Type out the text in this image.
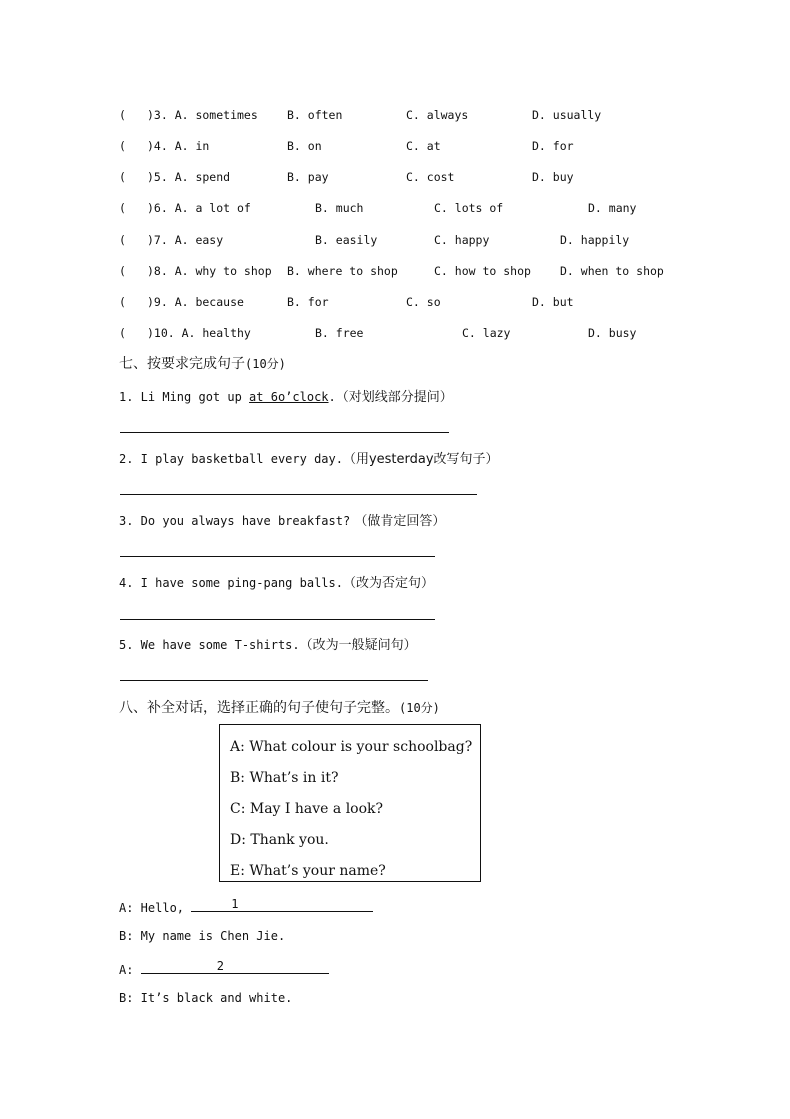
( )3. A. sometimes	B. often	C. always	D. usually
( )4. A. in	B. on	C. at	D. for
( )5. A. spend	B. pay	C. cost	D. buy
( )6. A. a lot of	B. much	C. lots of	D. many
( )7. A. easy	B. easily	C. happy	D. happily
( )8. A. why to shop B. where to shop	C. how to shop	D. when to shop
( )9. A. because	B. for	C. so	D. but
( )10. A. healthy	B. free	C. lazy	D. busy
七、按要求完成句子(10分)
1. Li Ming got up at 6o’clock.（对划线部分提问）
2. I play basketball every day.（用yesterday改写句子）
3. Do you always have breakfast? （做肯定回答）
4. I have some ping-pang balls.（改为否定句）
5. We have some T-shirts.（改为一般疑问句）
八、补全对话，选择正确的句子使句子完整。(10分)
A: What colour is your schoolbag?
B: What’s in it?
C: May I have a look?
D: Thank you.
E: What’s your name?
A: Hello,	1
B: My name is Chen Jie.
A:	2
B: It’s black and white.
